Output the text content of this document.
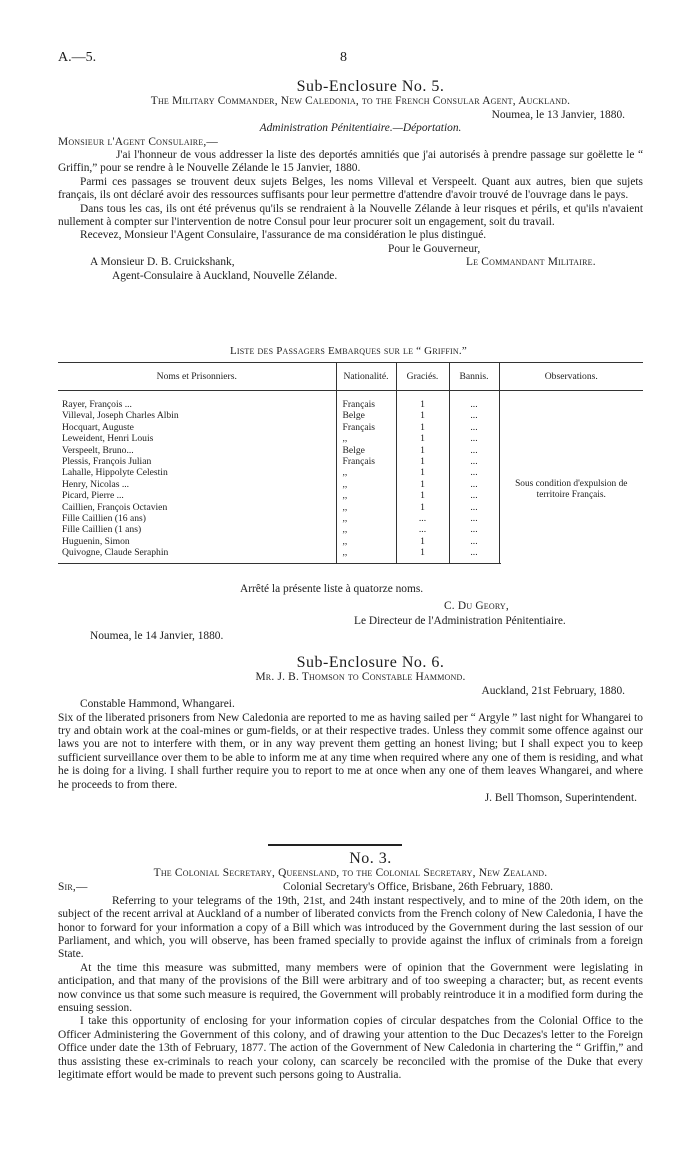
A.—5.	8
Sub-Enclosure No. 5.
The Military Commander, New Caledonia, to the French Consular Agent, Auckland.
Noumea, le 13 Janvier, 1880.
Administration Pénitentiaire.—Déportation.
Monsieur l'Agent Consulaire,—

J'ai l'honneur de vous addresser la liste des deportés amnitiés que j'ai autorisés à prendre passage sur goëlette le “ Griffin,” pour se rendre à le Nouvelle Zélande le 15 Janvier, 1880.

Parmi ces passages se trouvent deux sujets Belges, les noms Villeval et Verspeelt. Quant aux autres, bien que sujets français, ils ont déclaré avoir des ressources suffisants pour leur permettre d'attendre d'avoir trouvé de l'ouvrage dans le pays.

Dans tous les cas, ils ont été prévenus qu'ils se rendraient à la Nouvelle Zélande à leur risques et périls, et qu'ils n'avaient nullement à compter sur l'intervention de notre Consul pour leur procurer soit un engagement, soit du travail.

Recevez, Monsieur l'Agent Consulaire, l'assurance de ma considération le plus distingué.

Pour le Gouverneur,
A Monsieur D. B. Cruickshank,	Le Commandant Militaire.
Agent-Consulaire à Auckland, Nouvelle Zélande.
Liste des Passagers Embarques sur le “ Griffin.”
Noms et Prisonniers.	Nationalité.	Graciés.	Bannis.	Observations.

Rayer, François ...	Français	1	...	
Villeval, Joseph Charles Albin	Belge	1	...	
Hocquart, Auguste	Français	1	...	
Leweident, Henri Louis	,,	1	...	
Verspeelt, Bruno...	Belge	1	...	
Plessis, François Julian	Français	1	...	
Lahalle, Hippolyte Celestin	,,	1	...	
Henry, Nicolas ...	,,	1	...	Sous condition d'expulsion de territoire Français.

Picard, Pierre ...	,,	1	...	
Caillien, François Octavien	,,	1	...	
Fille Caillien (16 ans)	,,	...	...	
Fille Caillien (1 ans)	,,	...	...	
Huguenin, Simon	,,	1	...	
Quivogne, Claude Seraphin	,,	1	...	

Arrêté la présente liste à quatorze noms.
C. Du Geory,
Le Directeur de l'Administration Pénitentiaire.
Noumea, le 14 Janvier, 1880.
Sub-Enclosure No. 6.
Mr. J. B. Thomson to Constable Hammond.
Auckland, 21st February, 1880.
Constable Hammond, Whangarei.

Six of the liberated prisoners from New Caledonia are reported to me as having sailed per “ Argyle ” last night for Whangarei to try and obtain work at the coal-mines or gum-fields, or at their respective trades. Unless they commit some offence against our laws you are not to interfere with them, or in any way prevent them getting an honest living; but I shall expect you to keep sufficient surveillance over them to be able to inform me at any time when required where any one of them is residing, and what he is doing for a living. I shall further require you to report to me at once when any one of them leaves Whangarei, and where he proceeds to from there.

J. Bell Thomson, Superintendent.
No. 3.
The Colonial Secretary, Queensland, to the Colonial Secretary, New Zealand.
Sir,—	Colonial Secretary's Office, Brisbane, 26th February, 1880.

Referring to your telegrams of the 19th, 21st, and 24th instant respectively, and to mine of the 20th idem, on the subject of the recent arrival at Auckland of a number of liberated convicts from the French colony of New Caledonia, I have the honor to forward for your information a copy of a Bill which was introduced by the Government during the last session of our Parliament, and which, you will observe, has been framed specially to provide against the influx of criminals from a foreign State.

At the time this measure was submitted, many members were of opinion that the Government were legislating in anticipation, and that many of the provisions of the Bill were arbitrary and of too sweeping a character; but, as recent events now convince us that some such measure is required, the Government will probably reintroduce it in a modified form during the ensuing session.

I take this opportunity of enclosing for your information copies of circular despatches from the Colonial Office to the Officer Administering the Government of this colony, and of drawing your attention to the Duc Decazes's letter to the Foreign Office under date the 13th of February, 1877. The action of the Government of New Caledonia in chartering the “ Griffin,” and thus assisting these ex-criminals to reach your colony, can scarcely be reconciled with the promise of the Duke that every legitimate effort would be made to prevent such persons going to Australia.
